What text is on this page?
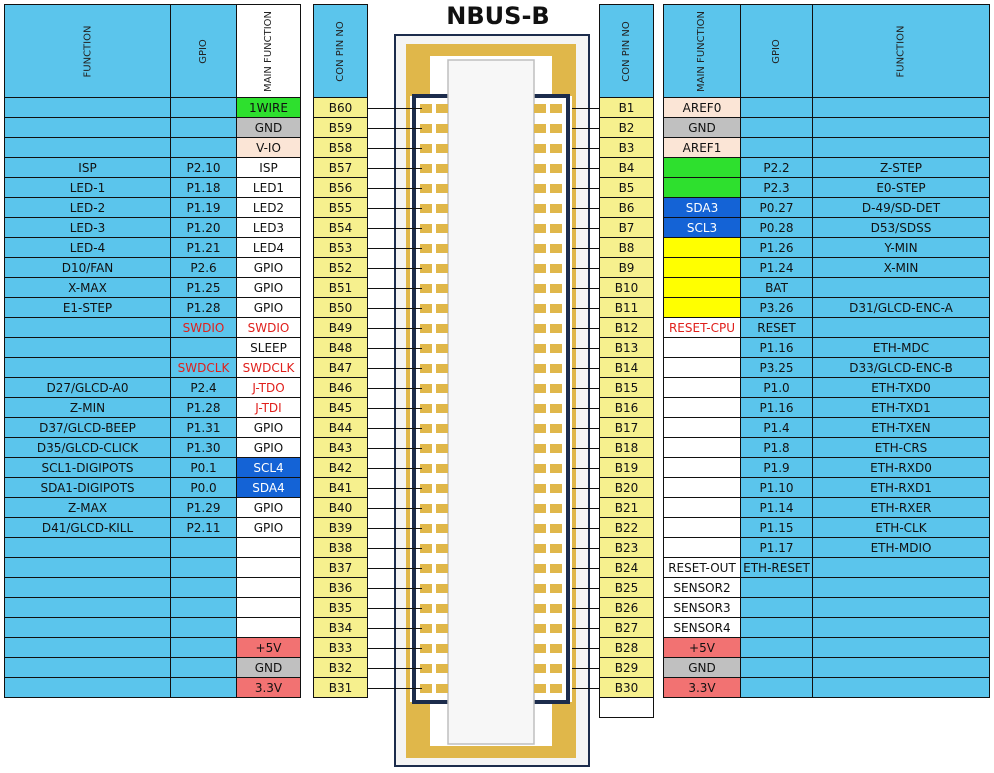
NBUS-B
FUNCTION
ISP
LED-1
LED-2
LED-3
LED-4
D10/FAN
X-MAX
E1-STEP
D27/GLCD-A0
Z-MIN
D37/GLCD-BEEP
D35/GLCD-CLICK
SCL1-DIGIPOTS
SDA1-DIGIPOTS
Z-MAX
D41/GLCD-KILL
GPIO
P2.10
P1.18
P1.19
P1.20
P1.21
P2.6
P1.25
P1.28
SWDIO
SWDCLK
P2.4
P1.28
P1.31
P1.30
P0.1
P0.0
P1.29
P2.11
MAIN FUNCTION
1WIRE
GND
V-IO
ISP
LED1
LED2
LED3
LED4
GPIO
GPIO
GPIO
SWDIO
SLEEP
SWDCLK
J-TDO
J-TDI
GPIO
GPIO
SCL4
SDA4
GPIO
GPIO
+5V
GND
3.3V
CON PIN NO
B60
B59
B58
B57
B56
B55
B54
B53
B52
B51
B50
B49
B48
B47
B46
B45
B44
B43
B42
B41
B40
B39
B38
B37
B36
B35
B34
B33
B32
B31
CON PIN NO
B1
B2
B3
B4
B5
B6
B7
B8
B9
B10
B11
B12
B13
B14
B15
B16
B17
B18
B19
B20
B21
B22
B23
B24
B25
B26
B27
B28
B29
B30
MAIN FUNCTION
AREF0
GND
AREF1
SDA3
SCL3
RESET-CPU
RESET-OUT
SENSOR2
SENSOR3
SENSOR4
+5V
GND
3.3V
GPIO
P2.2
P2.3
P0.27
P0.28
P1.26
P1.24
BAT
P3.26
RESET
P1.16
P3.25
P1.0
P1.16
P1.4
P1.8
P1.9
P1.10
P1.14
P1.15
P1.17
ETH-RESET
FUNCTION
Z-STEP
E0-STEP
D-49/SD-DET
D53/SDSS
Y-MIN
X-MIN
D31/GLCD-ENC-A
ETH-MDC
D33/GLCD-ENC-B
ETH-TXD0
ETH-TXD1
ETH-TXEN
ETH-CRS
ETH-RXD0
ETH-RXD1
ETH-RXER
ETH-CLK
ETH-MDIO
